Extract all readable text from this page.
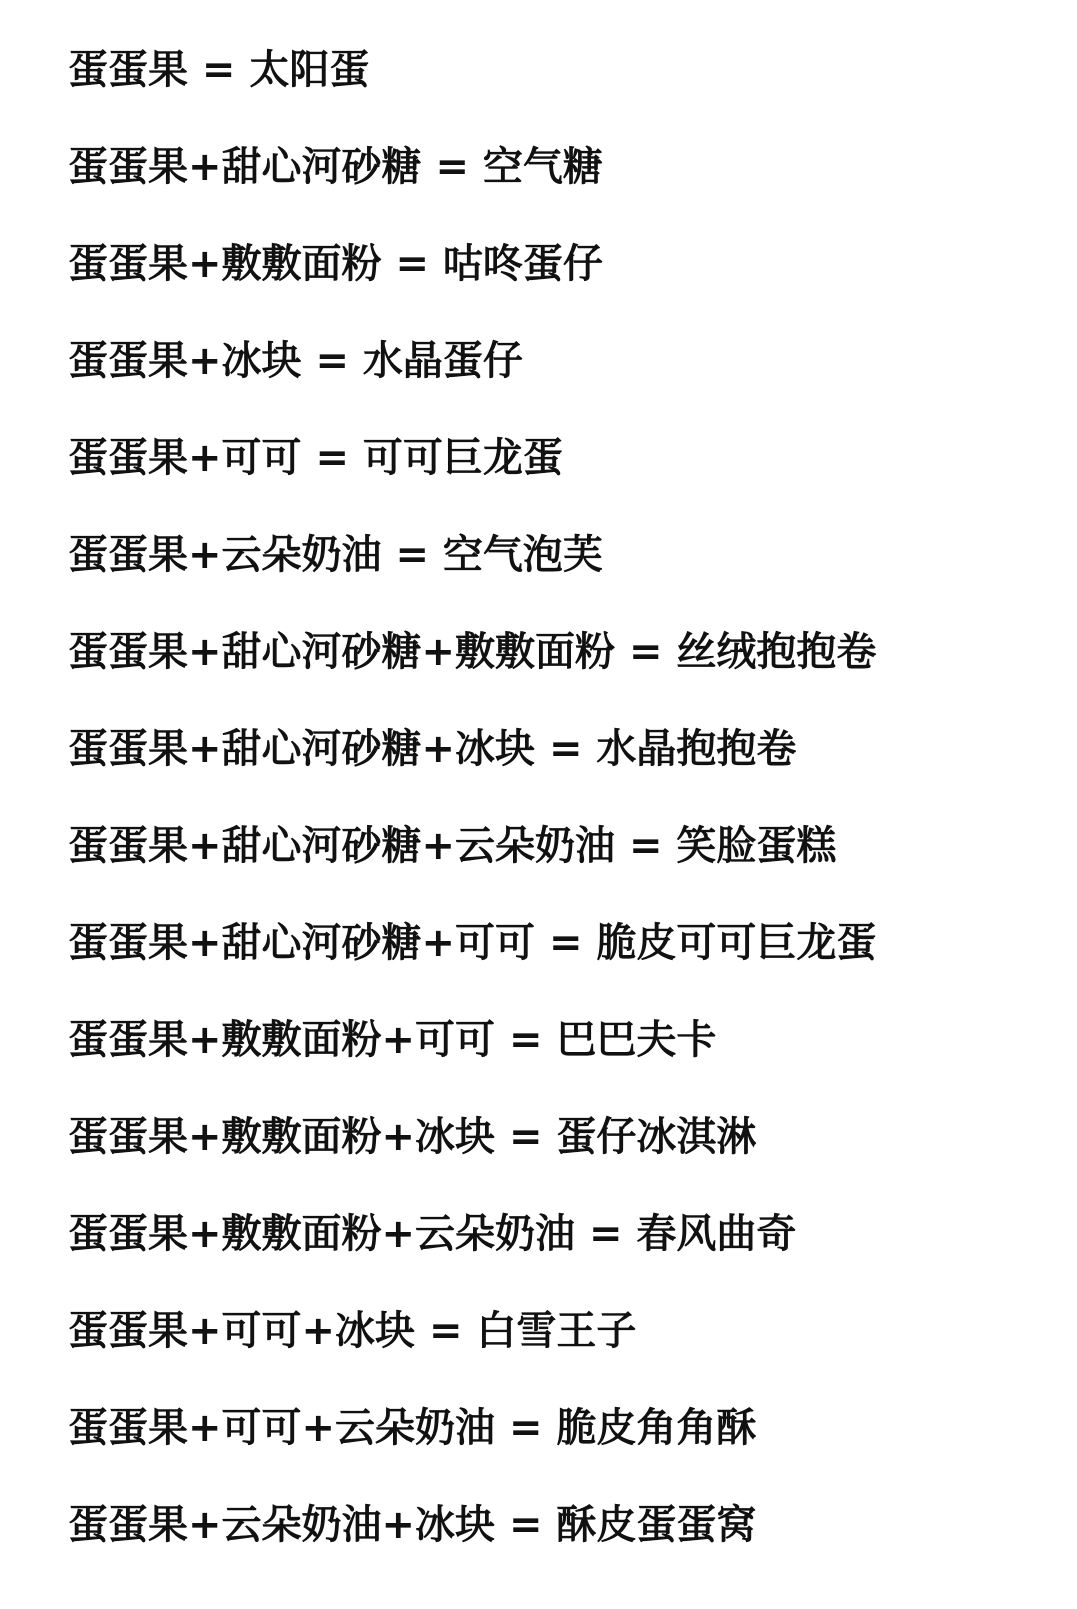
蛋蛋果 = 太阳蛋
蛋蛋果+甜心河砂糖 = 空气糖
蛋蛋果+敷敷面粉 = 咕咚蛋仔
蛋蛋果+冰块 = 水晶蛋仔
蛋蛋果+可可 = 可可巨龙蛋
蛋蛋果+云朵奶油 = 空气泡芙
蛋蛋果+甜心河砂糖+敷敷面粉 = 丝绒抱抱卷
蛋蛋果+甜心河砂糖+冰块 = 水晶抱抱卷
蛋蛋果+甜心河砂糖+云朵奶油 = 笑脸蛋糕
蛋蛋果+甜心河砂糖+可可 = 脆皮可可巨龙蛋
蛋蛋果+敷敷面粉+可可 = 巴巴夫卡
蛋蛋果+敷敷面粉+冰块 = 蛋仔冰淇淋
蛋蛋果+敷敷面粉+云朵奶油 = 春风曲奇
蛋蛋果+可可+冰块 = 白雪王子
蛋蛋果+可可+云朵奶油 = 脆皮角角酥
蛋蛋果+云朵奶油+冰块 = 酥皮蛋蛋窝
